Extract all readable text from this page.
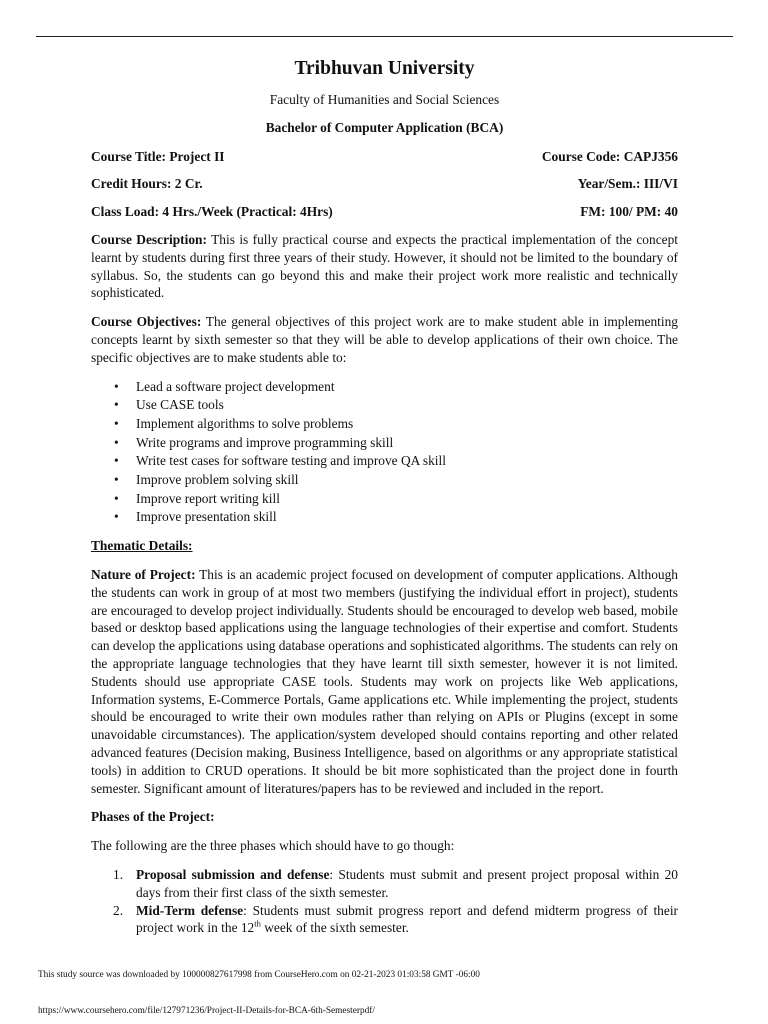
Tribhuvan University
Faculty of Humanities and Social Sciences
Bachelor of Computer Application (BCA)
Course Title: Project II	Course Code: CAPJ356
Credit Hours: 2 Cr.	Year/Sem.: III/VI
Class Load: 4 Hrs./Week (Practical: 4Hrs)	FM: 100/ PM: 40

Course Description: This is fully practical course and expects the practical implementation of the concept learnt by students during first three years of their study. However, it should not be limited to the boundary of syllabus. So, the students can go beyond this and make their project work more realistic and technically sophisticated.

Course Objectives: The general objectives of this project work are to make student able in implementing concepts learnt by sixth semester so that they will be able to develop applications of their own choice. The specific objectives are to make students able to:

• Lead a software project development
• Use CASE tools
• Implement algorithms to solve problems
• Write programs and improve programming skill
• Write test cases for software testing and improve QA skill
• Improve problem solving skill
• Improve report writing kill
• Improve presentation skill
Thematic Details:

Nature of Project: This is an academic project focused on development of computer applications. Although the students can work in group of at most two members (justifying the individual effort in project), students are encouraged to develop project individually. Students should be encouraged to develop web based, mobile based or desktop based applications using the language technologies of their expertise and comfort. Students can develop the applications using database operations and sophisticated algorithms. The students can rely on the appropriate language technologies that they have learnt till sixth semester, however it is not limited. Students should use appropriate CASE tools. Students may work on projects like Web applications, Information systems, E-Commerce Portals, Game applications etc. While implementing the project, students should be encouraged to write their own modules rather than relying on APIs or Plugins (except in some unavoidable circumstances). The application/system developed should contains reporting and other related advanced features (Decision making, Business Intelligence, based on algorithms or any appropriate statistical tools) in addition to CRUD operations. It should be bit more sophisticated than the project done in fourth semester. Significant amount of literatures/papers has to be reviewed and included in the report.

Phases of the Project:
The following are the three phases which should have to go though:
1. Proposal submission and defense: Students must submit and present project proposal within 20 days from their first class of the sixth semester.
2. Mid-Term defense: Students must submit progress report and defend midterm progress of their project work in the 12th week of the sixth semester.
This study source was downloaded by 100000827617998 from CourseHero.com on 02-21-2023 01:03:58 GMT -06:00
https://www.coursehero.com/file/127971236/Project-II-Details-for-BCA-6th-Semesterpdf/
